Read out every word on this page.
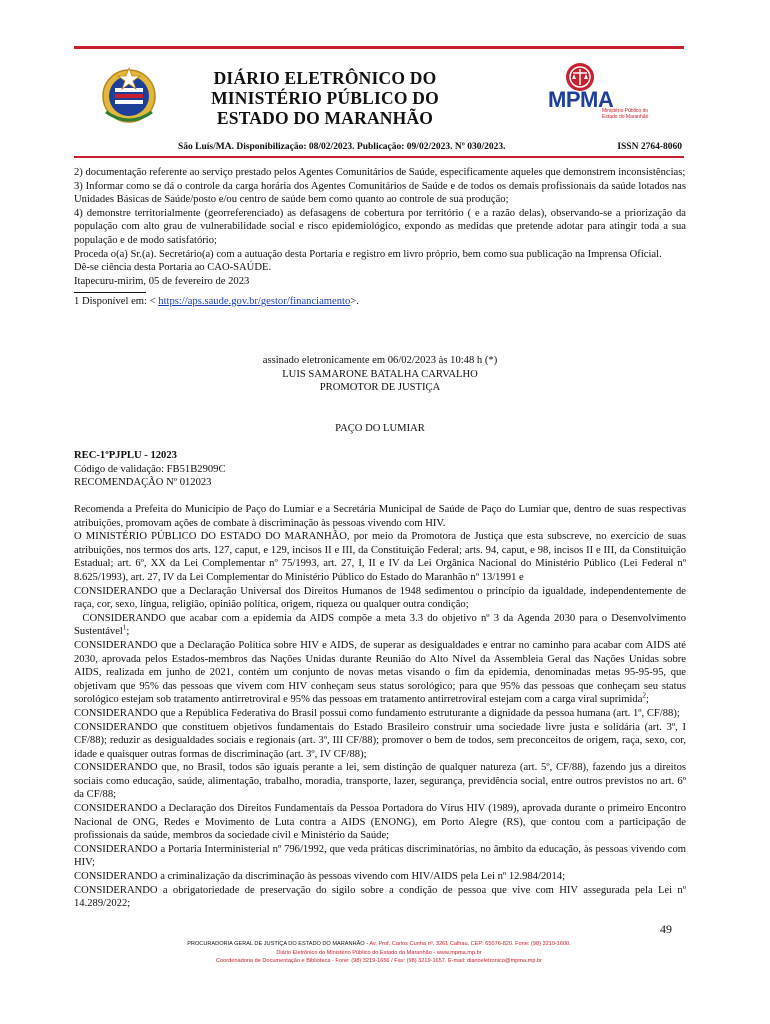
DIÁRIO ELETRÔNICO DO
MINISTÉRIO PÚBLICO DO
ESTADO DO MARANHÃO
MPMA
Ministério Público do Estado do Maranhão
São Luís/MA. Disponibilização: 08/02/2023. Publicação: 09/02/2023. Nº 030/2023.	ISSN 2764-8060

2) documentação referente ao serviço prestado pelos Agentes Comunitários de Saúde, especificamente aqueles que demonstrem inconsistências;

3) Informar como se dá o controle da carga horária dos Agentes Comunitários de Saúde e de todos os demais profissionais da saúde lotados nas Unidades Básicas de Saúde/posto e/ou centro de saúde bem como quanto ao controle de sua produção;

4) demonstre territorialmente (georreferenciado) as defasagens de cobertura por território ( e a razão delas), observando-se a priorização da população com alto grau de vulnerabilidade social e risco epidemiológico, expondo as medidas que pretende adotar para atingir toda a sua população e de modo satisfatório;

Proceda o(a) Sr.(a). Secretário(a) com a autuação desta Portaria e registro em livro próprio, bem como sua publicação na Imprensa Oficial.

Dê-se ciência desta Portaria ao CAO-SAÚDE.

Itapecuru-mirim, 05 de fevereiro de 2023

1 Disponível em: < https://aps.saude.gov.br/gestor/financiamento>.

assinado eletronicamente em 06/02/2023 às 10:48 h (*)
LUIS SAMARONE BATALHA CARVALHO
PROMOTOR DE JUSTIÇA
PAÇO DO LUMIAR
REC-1ºPJPLU - 12023
Código de validação: FB51B2909C
RECOMENDAÇÃO Nº 012023

Recomenda a Prefeita do Município de Paço do Lumiar e a Secretária Municipal de Saúde de Paço do Lumiar que, dentro de suas respectivas atribuições, promovam ações de combate à discriminação às pessoas vivendo com HIV.

O MINISTÉRIO PÚBLICO DO ESTADO DO MARANHÃO, por meio da Promotora de Justiça que esta subscreve, no exercício de suas atribuições, nos termos dos arts. 127, caput, e 129, incisos II e III, da Constituição Federal; arts. 94, caput, e 98, incisos II e III, da Constituição Estadual; art. 6º, XX da Lei Complementar nº 75/1993, art. 27, I, II e IV da Lei Orgânica Nacional do Ministério Público (Lei Federal nº 8.625/1993), art. 27, IV da Lei Complementar do Ministério Público do Estado do Maranhão nº 13/1991 e

CONSIDERANDO que a Declaração Universal dos Direitos Humanos de 1948 sedimentou o princípio da igualdade, independentemente de raça, cor, sexo, língua, religião, opinião política, origem, riqueza ou qualquer outra condição;

CONSIDERANDO que acabar com a epidemia da AIDS compõe a meta 3.3 do objetivo nº 3 da Agenda 2030 para o Desenvolvimento Sustentável$^1$;

CONSIDERANDO que a Declaração Política sobre HIV e AIDS, de superar as desigualdades e entrar no caminho para acabar com AIDS até 2030, aprovada pelos Estados-membros das Nações Unidas durante Reunião do Alto Nível da Assembleia Geral das Nações Unidas sobre AIDS, realizada em junho de 2021, contém um conjunto de novas metas visando o fim da epidemia, denominadas metas 95-95-95, que objetivam que 95% das pessoas que vivem com HIV conheçam seus status sorológico; para que 95% das pessoas que conheçam seu status sorológico estejam sob tratamento antirretroviral e 95% das pessoas em tratamento antirretroviral estejam com a carga viral suprimida$^2$;

CONSIDERANDO que a República Federativa do Brasil possui como fundamento estruturante a dignidade da pessoa humana (art. 1º, CF/88);

CONSIDERANDO que constituem objetivos fundamentais do Estado Brasileiro construir uma sociedade livre justa e solidária (art. 3º, I CF/88); reduzir as desigualdades sociais e regionais (art. 3º, III CF/88); promover o bem de todos, sem preconceitos de origem, raça, sexo, cor, idade e quaisquer outras formas de discriminação (art. 3º, IV CF/88);

CONSIDERANDO que, no Brasil, todos são iguais perante a lei, sem distinção de qualquer natureza (art. 5º, CF/88), fazendo jus a direitos sociais como educação, saúde, alimentação, trabalho, moradia, transporte, lazer, segurança, previdência social, entre outros previstos no art. 6º da CF/88;

CONSIDERANDO a Declaração dos Direitos Fundamentais da Pessoa Portadora do Vírus HIV (1989), aprovada durante o primeiro Encontro Nacional de ONG, Redes e Movimento de Luta contra a AIDS (ENONG), em Porto Alegre (RS), que contou com a participação de profissionais da saúde, membros da sociedade civil e Ministério da Saúde;

CONSIDERANDO a Portaria Interministerial nº 796/1992, que veda práticas discriminatórias, no âmbito da educação, às pessoas vivendo com HIV;

CONSIDERANDO a criminalização da discriminação às pessoas vivendo com HIV/AIDS pela Lei nº 12.984/2014;

CONSIDERANDO a obrigatoriedade de preservação do sigilo sobre a condição de pessoa que vive com HIV assegurada pela Lei nº 14.289/2022;

49
PROCURADORIA GERAL DE JUSTIÇA DO ESTADO DO MARANHÃO - Av. Prof. Carlos Cunha nº, 3261 Calhau. CEP: 65076-820. Fone: (98) 3219-1600.
Diário Eletrônico do Ministério Público do Estado do Maranhão - www.mpma.mp.br
Coordenadoria de Documentação e Biblioteca - Fone: (98) 3219-1656 / Fax: (98) 3219-1657. E-mail: diarioeletronico@mpma.mp.br
